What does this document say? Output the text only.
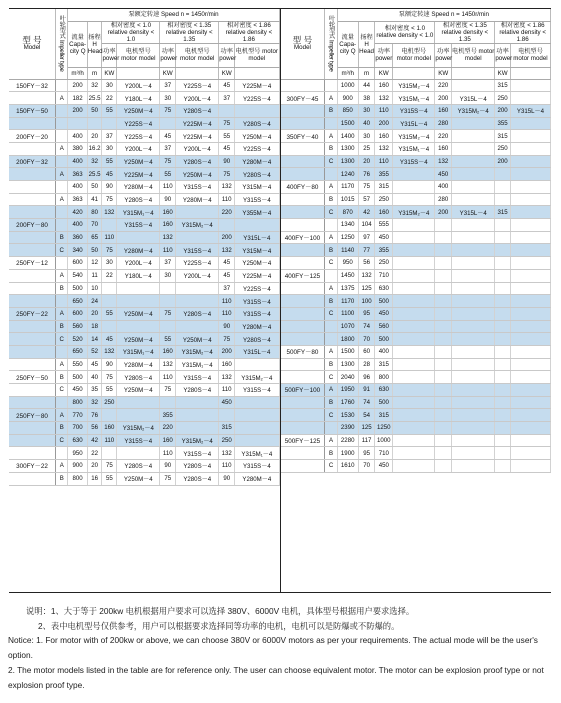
型 号
Model	叶轮型式 Impeller type	泵额定转速 Speed n = 1450r/min							
		流量 Capa-city Q	扬程 H Head	相对密度 < 1.0 relative density < 1.0		相对密度 < 1.35 relative density < 1.35		相对密度 < 1.86 relative density < 1.86	
				功率 power	电机型号 motor model	功率 power	电机型号 motor model	功率 power	电机型号 motor model
		m³/h	m	KW		KW		KW	
150FY－32		200	32	30	Y200L－4	37	Y225S－4	45	Y225M－4
	A	182	25.5	22	Y180L－4	30	Y200L－4	37	Y225S－4
150FY－50		200	50	55	Y250M－4	75	Y280S－4		
					Y225S－4		Y225M－4	75	Y280S－4
200FY－20		400	20	37	Y225S－4	45	Y225M－4	55	Y250M－4
	A	380	16.2	30	Y200L－4	37	Y200L－4	45	Y225S－4
200FY－32		400	32	55	Y250M－4	75	Y280S－4	90	Y280M－4
	A	363	25.5	45	Y225M－4	55	Y250M－4	75	Y280S－4
		400	50	90	Y280M－4	110	Y315S－4	132	Y315M－4
	A	363	41	75	Y280S－4	90	Y280M－4	110	Y315S－4
		420	80	132	Y315M₁－4	160		220	Y355M－4
200FY－80		400	70		Y315S－4	160	Y315M₂－4		
	B	360	65	110		132		200	Y315L－4
	C	340	50	75	Y280M－4	110	Y315S－4	132	Y315M－4
250FY－12		600	12	30	Y200L－4	37	Y225S－4	45	Y250M－4
	A	540	11	22	Y180L－4	30	Y200L－4	45	Y225M－4
	B	500	10					37	Y225S－4
		650	24					110	Y315S－4
250FY－22	A	600	20	55	Y250M－4	75	Y280S－4	110	Y315S－4
	B	560	18					90	Y280M－4
	C	520	14	45	Y250M－4	55	Y250M－4	75	Y280S－4
		650	52	132	Y315M₁－4	160	Y315M₂－4	200	Y315L－4
	A	550	45	90	Y280M－4	132	Y315M₁－4	160	
250FY－50	B	500	40	75	Y280S－4	110	Y315S－4	132	Y315M₂－4
	C	450	35	55	Y250M－4	75	Y280S－4	110	Y315S－4
		800	32	250				450	
250FY－80	A	770	76			355			
	B	700	56	160	Y315M₂－4	220		315	
	C	630	42	110	Y315S－4	160	Y315M₂－4	250	
		950	22			110	Y315S－4	132	Y315M₁－4
300FY－22	A	900	20	75	Y280S－4	90	Y280S－4	110	Y315S－4
	B	800	16	55	Y250M－4	75	Y280S－4	90	Y280M－4
型 号
Model	叶轮型式 Impeller type	泵额定转速 Speed n = 1450r/min							
		流量 Capa-city Q	扬程 H Head	相对密度 < 1.0 relative density < 1.0		相对密度 < 1.35 relative density < 1.35		相对密度 < 1.86 relative density < 1.86	
				功率 power	电机型号 motor model	功率 power	电机型号 motor model	功率 power	电机型号 motor model
		m³/h	m	KW		KW		KW	
		1000	44	160	Y315M₂－4	220		315	
300FY－45	A	900	38	132	Y315M₁－4	200	Y315L－4	250	
	B	850	30	110	Y315S－4	160	Y315M₂－4	200	Y315L－4
		1500	40	200	Y315L－4	280		355	
350FY－40	A	1400	30	160	Y315M₂－4	220		315	
	B	1300	25	132	Y315M₁－4	160		250	
	C	1300	20	110	Y315S－4	132		200	
		1240	76	355		450			
400FY－80	A	1170	75	315		400			
	B	1015	57	250		280			
	C	870	42	160	Y315M₂－4	200	Y315L－4	315	
		1340	104	555					
400FY－100	A	1250	97	450					
	B	1140	77	355					
	C	950	56	250					
400FY－125		1450	132	710					
	A	1375	125	630					
	B	1170	100	500					
	C	1100	95	450					
		1070	74	560					
		1800	70	500					
500FY－80	A	1500	60	400					
	B	1300	28	315					
	C	2040	96	800					
500FY－100	A	1950	91	630					
	B	1760	74	500					
	C	1530	54	315					
		2390	125	1250					
500FY－125	A	2280	117	1000					
	B	1900	95	710					
	C	1610	70	450					
说明：1、大于等于 200kw 电机根据用户要求可以选择 380V、6000V 电机，具体型号根据用户要求选择。
2、表中电机型号仅供参考，用户可以根据要求选择同等功率的电机，电机可以是防爆或不防爆的。
Notice: 1. For motor with of 200kw or above, we can choose 380V or 6000V motors as per your requirements. The actual mode will be the user's option.
2. The motor models listed in the table are for reference only. The user can choose equivalent motor. The motor can be explosion proof type or not explosion proof type.
